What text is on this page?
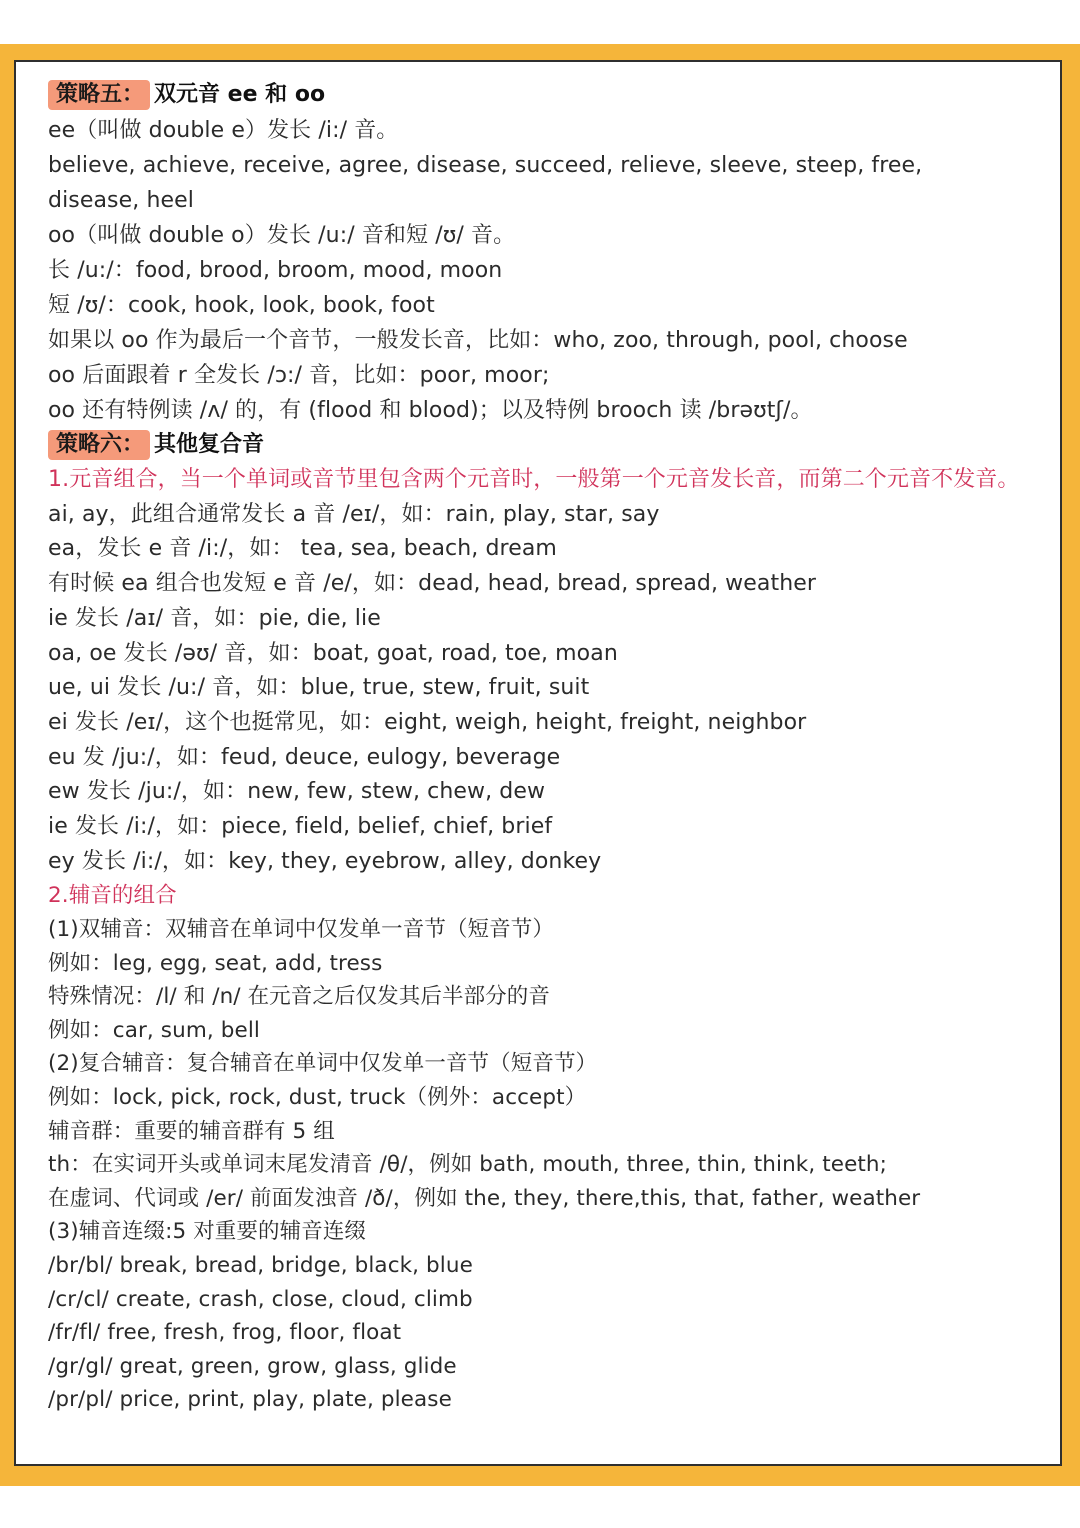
策略五： 双元音 ee 和 oo
ee（叫做 double e）发长 /i:/ 音。
believe, achieve, receive, agree, disease, succeed, relieve, sleeve, steep, free,
disease, heel
oo（叫做 double o）发长 /u:/ 音和短 /ʊ/ 音。
长 /u:/：food, brood, broom, mood, moon
短 /ʊ/：cook, hook, look, book, foot
如果以 oo 作为最后一个音节，一般发长音，比如：who, zoo, through, pool, choose
oo 后面跟着 r 全发长 /ɔ:/ 音，比如：poor, moor;
oo 还有特例读 /ʌ/ 的，有 (flood 和 blood)；以及特例 brooch 读 /brəʊtʃ/。
策略六： 其他复合音
1.元音组合，当一个单词或音节里包含两个元音时，一般第一个元音发长音，而第二个元音不发音。
ai, ay，此组合通常发长 a 音 /eɪ/，如：rain, play, star, say
ea，发长 e 音 /i:/，如： tea, sea, beach, dream
有时候 ea 组合也发短 e 音 /e/，如：dead, head, bread, spread, weather
ie 发长 /aɪ/ 音，如：pie, die, lie
oa, oe 发长 /əʊ/ 音，如：boat, goat, road, toe, moan
ue, ui 发长 /u:/ 音，如：blue, true, stew, fruit, suit
ei 发长 /eɪ/，这个也挺常见，如：eight, weigh, height, freight, neighbor
eu 发 /ju:/，如：feud, deuce, eulogy, beverage
ew 发长 /ju:/，如：new, few, stew, chew, dew
ie 发长 /i:/，如：piece, field, belief, chief, brief
ey 发长 /i:/，如：key, they, eyebrow, alley, donkey
2.辅音的组合
(1)双辅音：双辅音在单词中仅发单一音节（短音节）
例如：leg, egg, seat, add, tress
特殊情况：/l/ 和 /n/ 在元音之后仅发其后半部分的音
例如：car, sum, bell
(2)复合辅音：复合辅音在单词中仅发单一音节（短音节）
例如：lock, pick, rock, dust, truck（例外：accept）
辅音群：重要的辅音群有 5 组
th：在实词开头或单词末尾发清音 /θ/，例如 bath, mouth, three, thin, think, teeth;
在虚词、代词或 /er/ 前面发浊音 /ð/，例如 the, they, there,this, that, father, weather
(3)辅音连缀:5 对重要的辅音连缀
/br/bl/ break, bread, bridge, black, blue
/cr/cl/ create, crash, close, cloud, climb
/fr/fl/ free, fresh, frog, floor, float
/gr/gl/ great, green, grow, glass, glide
/pr/pl/ price, print, play, plate, please
